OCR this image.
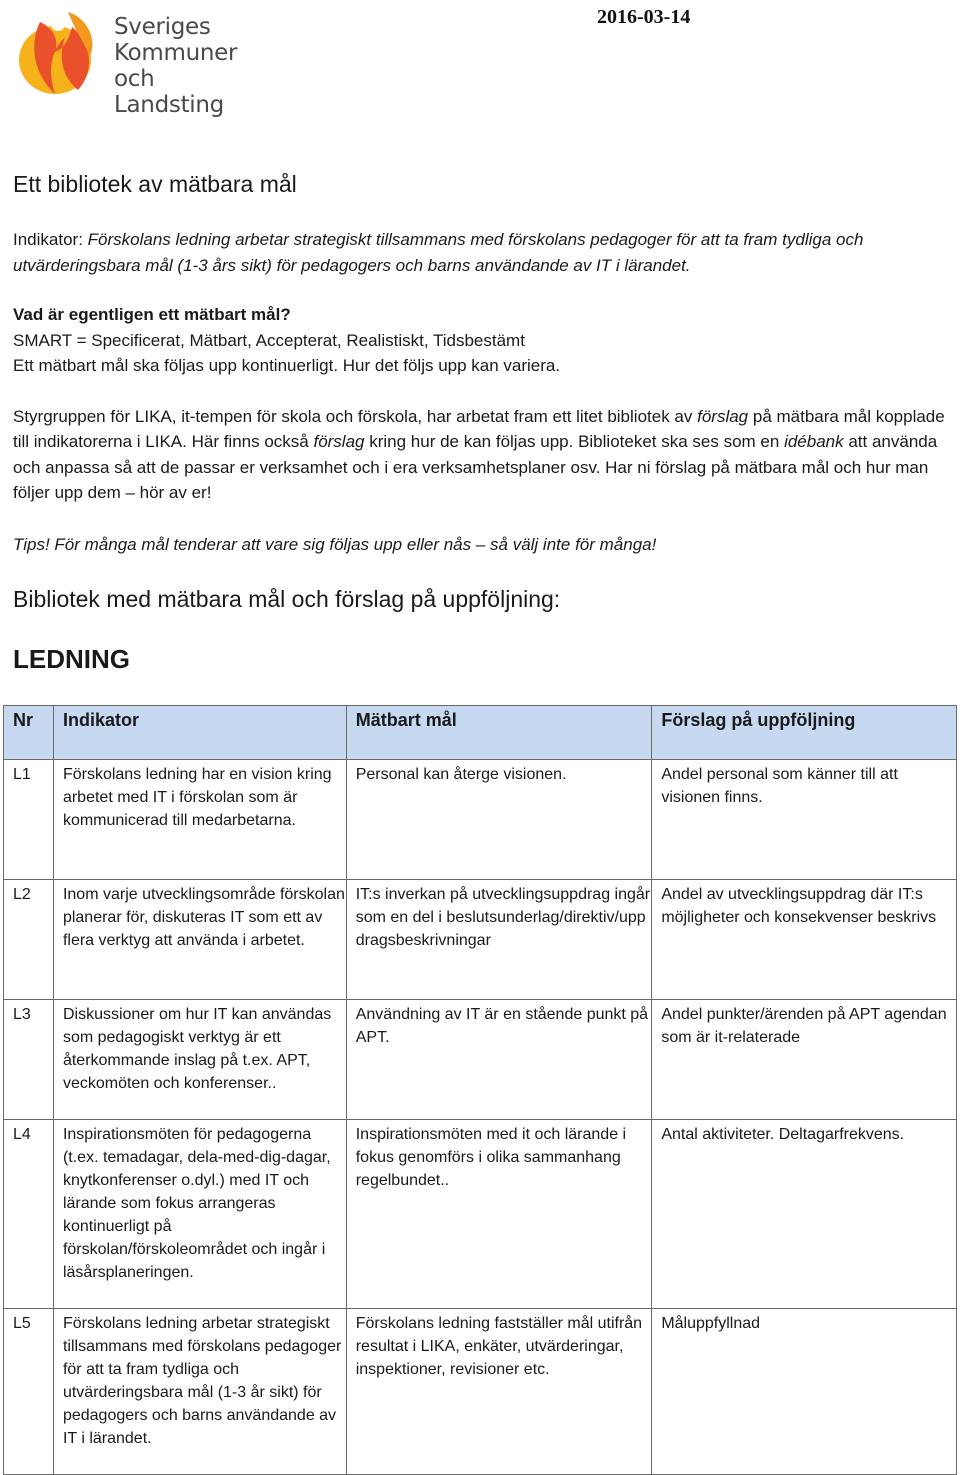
Sveriges
Kommuner
och Landsting
2016-03-14
Ett bibliotek av mätbara mål

Indikator: Förskolans ledning arbetar strategiskt tillsammans med förskolans pedagoger för att ta fram tydliga och utvärderingsbara mål (1-3 års sikt) för pedagogers och barns användande av IT i lärandet.

Vad är egentligen ett mätbart mål?

SMART = Specificerat, Mätbart, Accepterat, Realistiskt, Tidsbestämt

Ett mätbart mål ska följas upp kontinuerligt. Hur det följs upp kan variera.

Styrgruppen för LIKA, it-tempen för skola och förskola, har arbetat fram ett litet bibliotek av förslag på mätbara mål kopplade till indikatorerna i LIKA. Här finns också förslag kring hur de kan följas upp. Biblioteket ska ses som en idébank att använda och anpassa så att de passar er verksamhet och i era verksamhetsplaner osv. Har ni förslag på mätbara mål och hur man följer upp dem – hör av er!

Tips! För många mål tenderar att vare sig följas upp eller nås – så välj inte för många!

Bibliotek med mätbara mål och förslag på uppföljning:
LEDNING
Nr	Indikator	Mätbart mål	Förslag på uppföljning
L1	Förskolans ledning har en vision kring arbetet med IT i förskolan som är kommunicerad till medarbetarna.	Personal kan återge visionen.	Andel personal som känner till att visionen finns.
L2	Inom varje utvecklingsområde förskolan planerar för, diskuteras IT som ett av flera verktyg att använda i arbetet.	IT:s inverkan på utvecklingsuppdrag ingår som en del i beslutsunderlag/direktiv/uppdragsbeskrivningar	Andel av utvecklingsuppdrag där IT:s möjligheter och konsekvenser beskrivs
L3	Diskussioner om hur IT kan användas som pedagogiskt verktyg är ett återkommande inslag på t.ex. APT, veckomöten och konferenser..	Användning av IT är en stående punkt på APT.	Andel punkter/ärenden på APT agendan som är it-relaterade
L4	Inspirationsmöten för pedagogerna (t.ex. temadagar, dela-med-dig-dagar, knytkonferenser o.dyl.) med IT och lärande som fokus arrangeras kontinuerligt på förskolan/förskoleområdet och ingår i läsårsplaneringen.	Inspirationsmöten med it och lärande i fokus genomförs i olika sammanhang regelbundet..	Antal aktiviteter. Deltagarfrekvens.
L5	Förskolans ledning arbetar strategiskt tillsammans med förskolans pedagoger för att ta fram tydliga och utvärderingsbara mål (1-3 år sikt) för pedagogers och barns användande av IT i lärandet.	Förskolans ledning fastställer mål utifrån resultat i LIKA, enkäter, utvärderingar, inspektioner, revisioner etc.	Måluppfyllnad
